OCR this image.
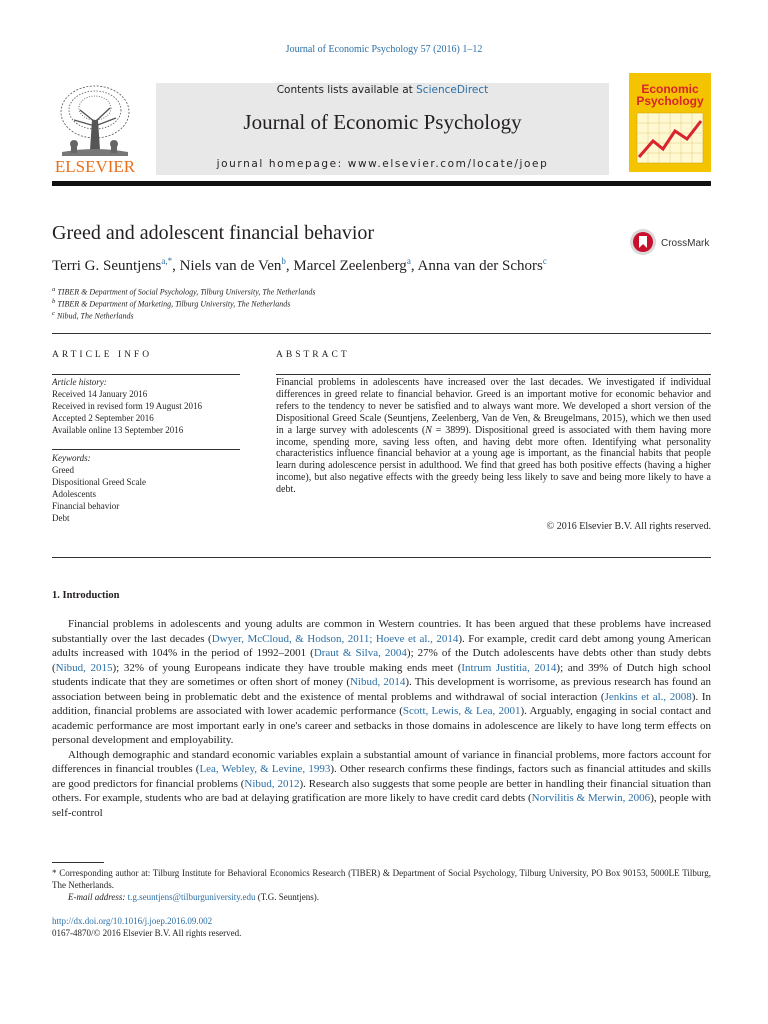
Journal of Economic Psychology 57 (2016) 1–12
Contents lists available at ScienceDirect
Journal of Economic Psychology
journal homepage: www.elsevier.com/locate/joep
ELSEVIER
Economic
Psychology
Greed and adolescent financial behavior	CrossMark
Terri G. Seuntjens$^{a,*}$, Niels van de Ven$^b$, Marcel Zeelenberg$^a$, Anna van der Schors$^c$
$^a$ TIBER & Department of Social Psychology, Tilburg University, The Netherlands
$^b$ TIBER & Department of Marketing, Tilburg University, The Netherlands
$^c$ Nibud, The Netherlands
ARTICLE INFO	ABSTRACT
Article history:
Received 14 January 2016
Received in revised form 19 August 2016
Accepted 2 September 2016
Available online 13 September 2016
Keywords:
Greed
Dispositional Greed Scale
Adolescents
Financial behavior
Debt
Financial problems in adolescents have increased over the last decades. We investigated if individual differences in greed relate to financial behavior. Greed is an important motive for economic behavior and refers to the tendency to never be satisfied and to always want more. We developed a short version of the Dispositional Greed Scale (Seuntjens, Zeelenberg, Van de Ven, & Breugelmans, 2015), which we then used in a large survey with adolescents (N = 3899). Dispositional greed is associated with them having more income, spending more, saving less often, and having debt more often. Identifying what personality characteristics influence financial behavior at a young age is important, as the financial habits that people learn during adolescence persist in adulthood. We find that greed has both positive effects (having a higher income), but also negative effects with the greedy being less likely to save and being more likely to have a debt.
© 2016 Elsevier B.V. All rights reserved.
1. Introduction

Financial problems in adolescents and young adults are common in Western countries. It has been argued that these problems have increased substantially over the last decades (Dwyer, McCloud, & Hodson, 2011; Hoeve et al., 2014). For example, credit card debt among young American adults increased with 104% in the period of 1992–2001 (Draut & Silva, 2004); 27% of the Dutch adolescents have debts other than study debts (Nibud, 2015); 32% of young Europeans indicate they have trouble making ends meet (Intrum Justitia, 2014); and 39% of Dutch high school students indicate that they are sometimes or often short of money (Nibud, 2014). This development is worrisome, as previous research has found an association between being in problematic debt and the existence of mental problems and withdrawal of social interaction (Jenkins et al., 2008). In addition, financial problems are associated with lower academic performance (Scott, Lewis, & Lea, 2001). Arguably, engaging in social contact and academic performance are most important early in one's career and setbacks in those domains in adolescence are likely to have long term effects on personal development and employability.

Although demographic and standard economic variables explain a substantial amount of variance in financial problems, more factors account for differences in financial troubles (Lea, Webley, & Levine, 1993). Other research confirms these findings, factors such as financial attitudes and skills are good predictors for financial problems (Nibud, 2012). Research also suggests that some people are better in handling their financial situation than others. For example, students who are bad at delaying gratification are more likely to have credit card debts (Norvilitis & Merwin, 2006), people with self-control

* Corresponding author at: Tilburg Institute for Behavioral Economics Research (TIBER) & Department of Social Psychology, Tilburg University, PO Box 90153, 5000LE Tilburg, The Netherlands.
E-mail address: t.g.seuntjens@tilburguniversity.edu (T.G. Seuntjens).
http://dx.doi.org/10.1016/j.joep.2016.09.002
0167-4870/© 2016 Elsevier B.V. All rights reserved.
